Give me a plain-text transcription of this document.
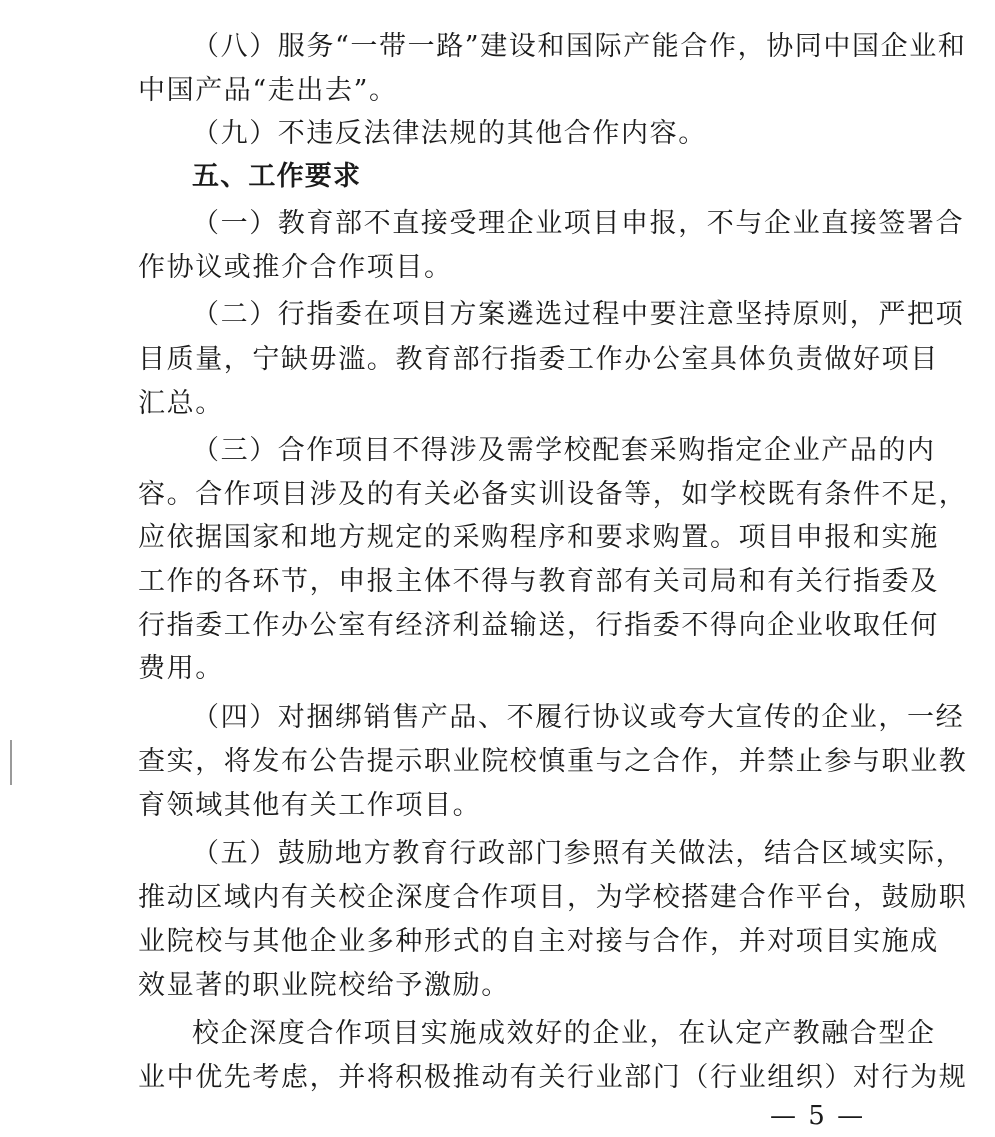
（八）服务“一带一路”建设和国际产能合作，协同中国企业和
中国产品“走出去”。
（九）不违反法律法规的其他合作内容。
五、工作要求
（一）教育部不直接受理企业项目申报，不与企业直接签署合
作协议或推介合作项目。
（二）行指委在项目方案遴选过程中要注意坚持原则，严把项
目质量，宁缺毋滥。教育部行指委工作办公室具体负责做好项目
汇总。
（三）合作项目不得涉及需学校配套采购指定企业产品的内
容。合作项目涉及的有关必备实训设备等，如学校既有条件不足，
应依据国家和地方规定的采购程序和要求购置。项目申报和实施
工作的各环节，申报主体不得与教育部有关司局和有关行指委及
行指委工作办公室有经济利益输送，行指委不得向企业收取任何
费用。
（四）对捆绑销售产品、不履行协议或夸大宣传的企业，一经
查实，将发布公告提示职业院校慎重与之合作，并禁止参与职业教
育领域其他有关工作项目。
（五）鼓励地方教育行政部门参照有关做法，结合区域实际，
推动区域内有关校企深度合作项目，为学校搭建合作平台，鼓励职
业院校与其他企业多种形式的自主对接与合作，并对项目实施成
效显著的职业院校给予激励。
校企深度合作项目实施成效好的企业，在认定产教融合型企
业中优先考虑，并将积极推动有关行业部门（行业组织）对行为规
— 5 —
